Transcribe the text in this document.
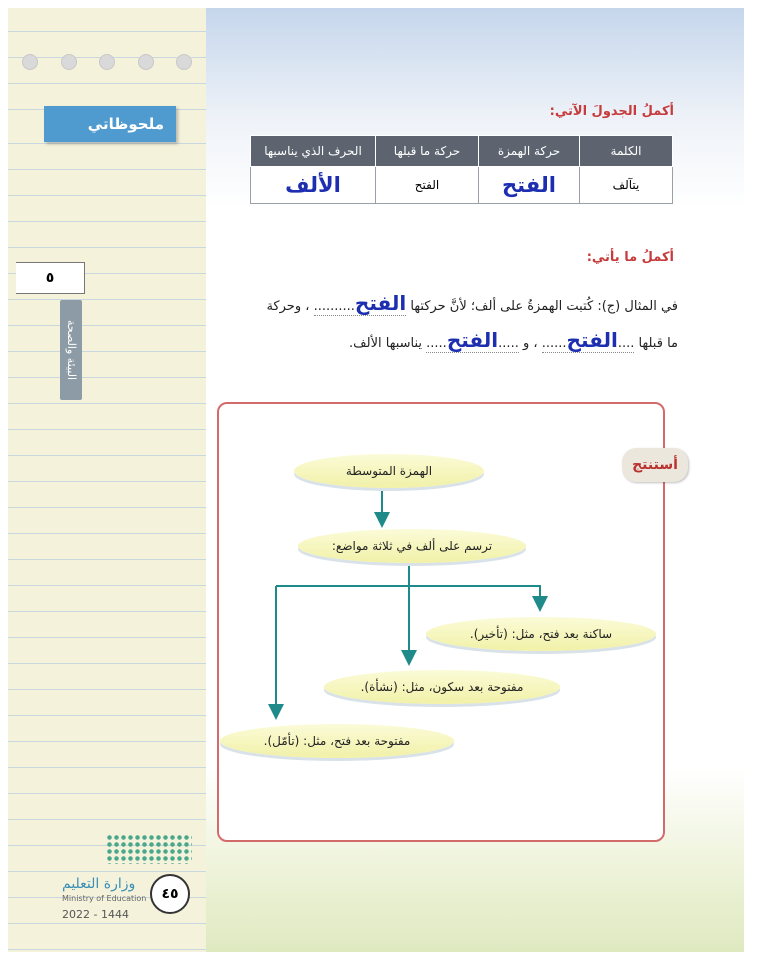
ملحوظاتي
٥
البيئة والصحة
وزارة التعليم
Ministry of Education
2022 - 1444
٤٥
أكملُ الجدولَ الآتي:
الكلمة	حركة الهمزة	حركة ما قبلها	الحرف الذي يناسبها
يتآلف	الفتح	الفتح	الألف
أكملُ ما يأتي:
في المثال (ج): كُتبت الهمزةُ على ألف؛ لأنَّ حركتها الفتح.......... ، وحركة
ما قبلها ....الفتح...... ، و .....الفتح..... يناسبها الألف.
أستنتج
الهمزة المتوسطة
ترسم على ألف في ثلاثة مواضع:
ساكنة بعد فتح، مثل: (تأخير).
مفتوحة بعد سكون، مثل: (نشأة).
مفتوحة بعد فتح، مثل: (تأمّل).
